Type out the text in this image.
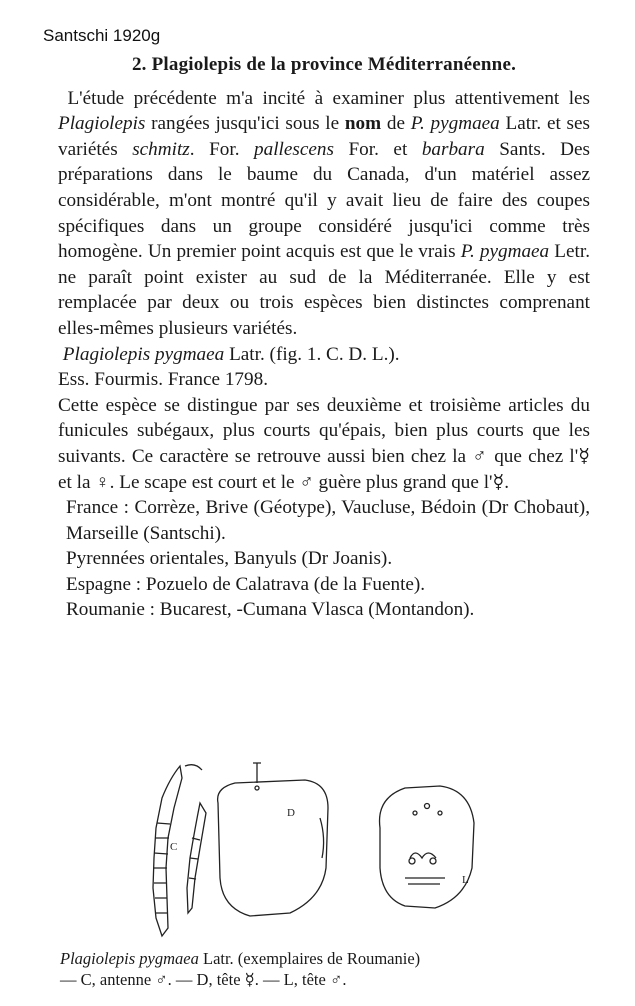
Santschi 1920g
2. Plagiolepis de la province Méditerranéenne.

L'étude précédente m'a incité à examiner plus attentivement les Plagiolepis rangées jusqu'ici sous le nom de P. pygmaea Latr. et ses variétés schmitz. For. pallescens For. et barbara Sants. Des préparations dans le baume du Canada, d'un matériel assez considérable, m'ont montré qu'il y avait lieu de faire des coupes spécifiques dans un groupe considéré jusqu'ici comme très homogène. Un premier point acquis est que le vrais P. pygmaea Letr. ne paraît point exister au sud de la Méditerranée. Elle y est remplacée par deux ou trois espèces bien distinctes comprenant elles-mêmes plusieurs variétés.

Plagiolepis pygmaea Latr. (fig. 1. C. D. L.).

Ess. Fourmis. France 1798.

Cette espèce se distingue par ses deuxième et troisième articles du funicules subégaux, plus courts qu'épais, bien plus courts que les suivants. Ce caractère se retrouve aussi bien chez la ♂ que chez l'☿ et la ♀. Le scape est court et le ♂ guère plus grand que l'☿.

France : Corrèze, Brive (Géotype), Vaucluse, Bédoin (Dr Chobaut), Marseille (Santschi).

Pyrennées orientales, Banyuls (Dr Joanis).

Espagne : Pozuelo de Calatrava (de la Fuente).

Roumanie : Bucarest, -Cumana Vlasca (Montandon).

C
D
L
Plagiolepis pygmaea Latr. (exemplaires de Roumanie)
— C, antenne ♂. — D, tête ☿. — L, tête ♂.
